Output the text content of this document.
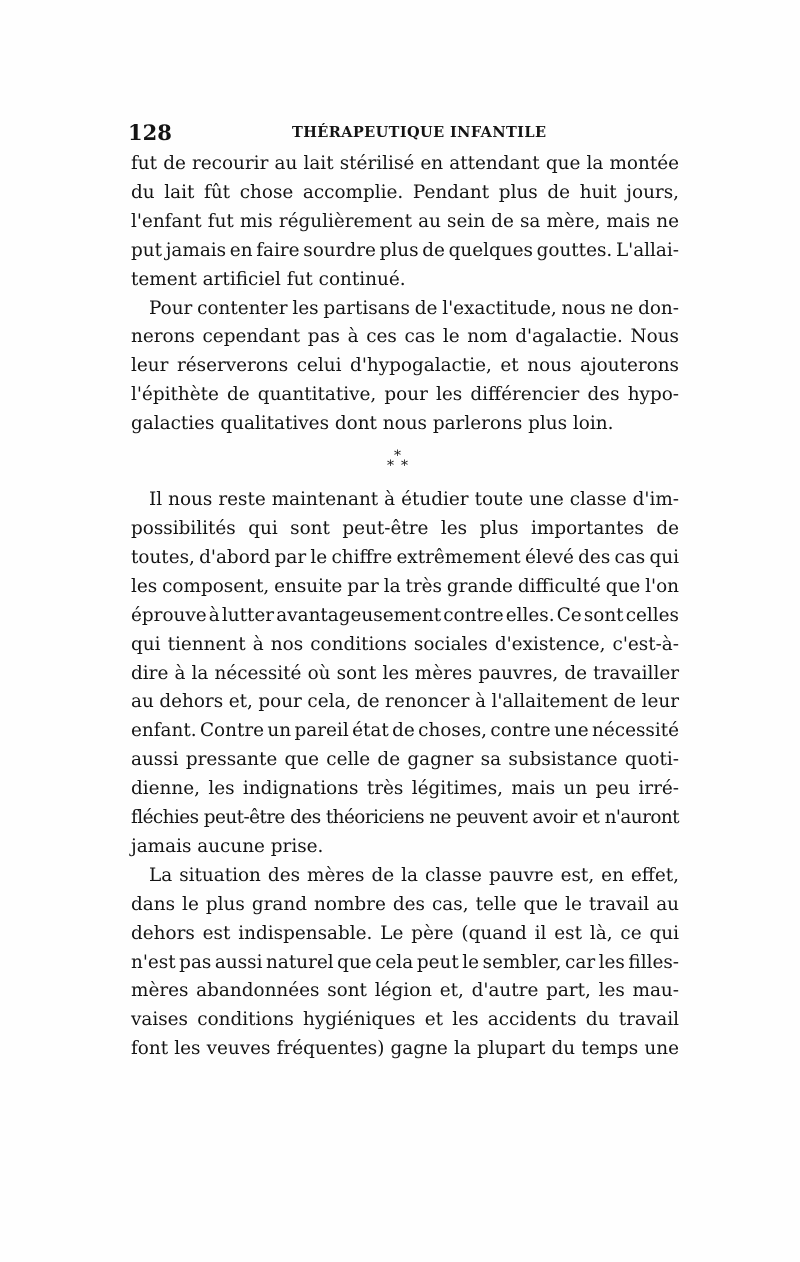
128	THÉRAPEUTIQUE INFANTILE

fut de recourir au lait stérilisé en attendant que la montée
du lait fût chose accomplie. Pendant plus de huit jours,
l'enfant fut mis régulièrement au sein de sa mère, mais ne
put jamais en faire sourdre plus de quelques gouttes. L'allai-
tement artificiel fut continué.

Pour contenter les partisans de l'exactitude, nous ne don-
nerons cependant pas à ces cas le nom d'agalactie. Nous
leur réserverons celui d'hypogalactie, et nous ajouterons
l'épithète de quantitative, pour les différencier des hypo-
galacties qualitatives dont nous parlerons plus loin.

*
* *

Il nous reste maintenant à étudier toute une classe d'im-
possibilités qui sont peut-être les plus importantes de
toutes, d'abord par le chiffre extrêmement élevé des cas qui
les composent, ensuite par la très grande difficulté que l'on
éprouve à lutter avantageusement contre elles. Ce sont celles
qui tiennent à nos conditions sociales d'existence, c'est-à-
dire à la nécessité où sont les mères pauvres, de travailler
au dehors et, pour cela, de renoncer à l'allaitement de leur
enfant. Contre un pareil état de choses, contre une nécessité
aussi pressante que celle de gagner sa subsistance quoti-
dienne, les indignations très légitimes, mais un peu irré-
fléchies peut-être des théoriciens ne peuvent avoir et n'auront
jamais aucune prise.

La situation des mères de la classe pauvre est, en effet,
dans le plus grand nombre des cas, telle que le travail au
dehors est indispensable. Le père (quand il est là, ce qui
n'est pas aussi naturel que cela peut le sembler, car les filles-
mères abandonnées sont légion et, d'autre part, les mau-
vaises conditions hygiéniques et les accidents du travail
font les veuves fréquentes) gagne la plupart du temps une
